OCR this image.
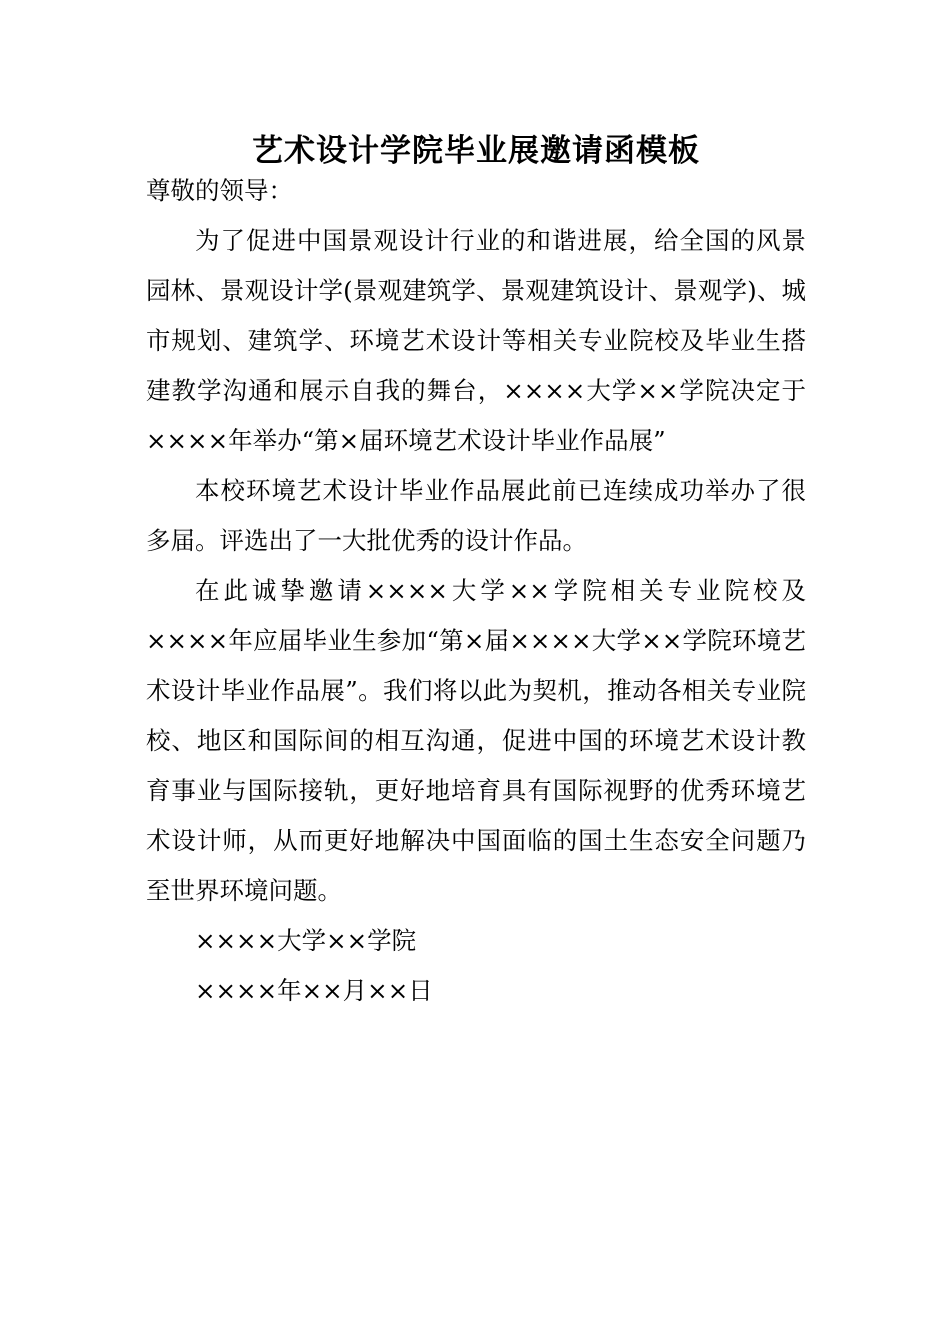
艺术设计学院毕业展邀请函模板

尊敬的领导：

为了促进中国景观设计行业的和谐进展，给全国的风景园林、景观设计学(景观建筑学、景观建筑设计、景观学)、城市规划、建筑学、环境艺术设计等相关专业院校及毕业生搭建教学沟通和展示自我的舞台，××××大学××学院决定于××××年举办“第×届环境艺术设计毕业作品展”

本校环境艺术设计毕业作品展此前已连续成功举办了很多届。评选出了一大批优秀的设计作品。

在此诚挚邀请××××大学××学院相关专业院校及××××年应届毕业生参加“第×届××××大学××学院环境艺术设计毕业作品展”。我们将以此为契机，推动各相关专业院校、地区和国际间的相互沟通，促进中国的环境艺术设计教育事业与国际接轨，更好地培育具有国际视野的优秀环境艺术设计师，从而更好地解决中国面临的国土生态安全问题乃至世界环境问题。

××××大学××学院

××××年××月××日
